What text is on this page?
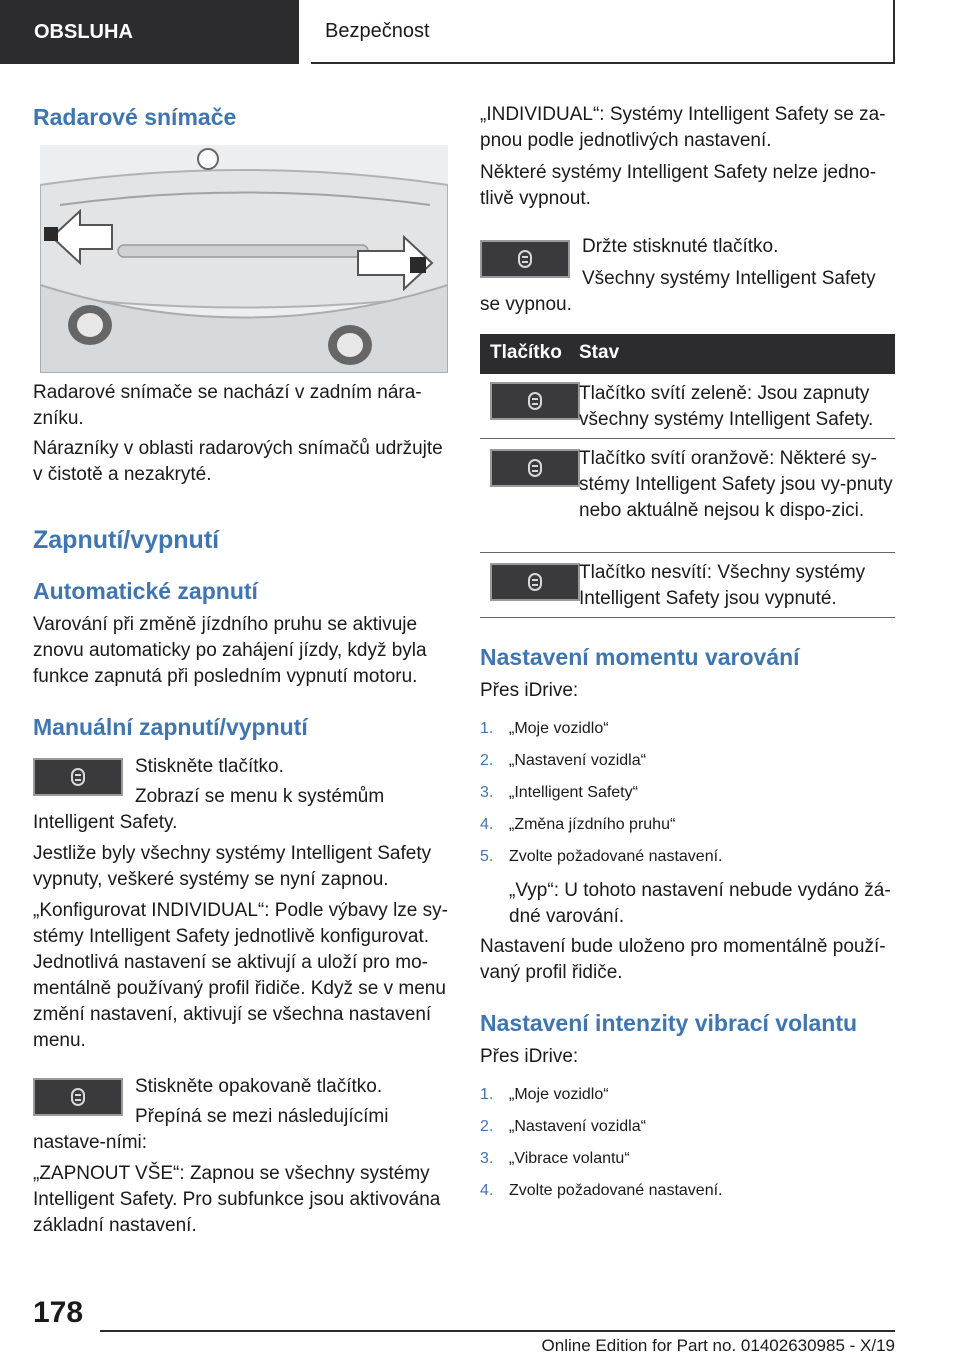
OBSLUHA	Bezpečnost
Radarové snímače

Radarové snímače se nachází v zadním nára-zníku.

Nárazníky v oblasti radarových snímačů udržujte v čistotě a nezakryté.

Zapnutí/vypnutí
Automatické zapnutí

Varování při změně jízdního pruhu se aktivuje znovu automaticky po zahájení jízdy, když byla funkce zapnutá při posledním vypnutí motoru.

Manuální zapnutí/vypnutí

Stiskněte tlačítko.

Zobrazí se menu k systémům Intelligent Safety.

Jestliže byly všechny systémy Intelligent Safety vypnuty, veškeré systémy se nyní zapnou.

„Konfigurovat INDIVIDUAL“: Podle výbavy lze sy-stémy Intelligent Safety jednotlivě konfigurovat. Jednotlivá nastavení se aktivují a uloží pro mo-mentálně používaný profil řidiče. Když se v menu změní nastavení, aktivují se všechna nastavení menu.

Stiskněte opakovaně tlačítko.

Přepíná se mezi následujícími nastave-ními:

„ZAPNOUT VŠE“: Zapnou se všechny systémy Intelligent Safety. Pro subfunkce jsou aktivována základní nastavení.

„INDIVIDUAL“: Systémy Intelligent Safety se za-pnou podle jednotlivých nastavení.

Některé systémy Intelligent Safety nelze jedno-tlivě vypnout.

Držte stisknuté tlačítko.

Všechny systémy Intelligent Safety se vypnou.

Tlačítko Stav

Tlačítko svítí zeleně: Jsou zapnuty všechny systémy Intelligent Safety.

Tlačítko svítí oranžově: Některé sy-stémy Intelligent Safety jsou vy-pnuty nebo aktuálně nejsou k dispo-zici.

Tlačítko nesvítí: Všechny systémy Intelligent Safety jsou vypnuté.

Nastavení momentu varování

Přes iDrive:

1. „Moje vozidlo“
2. „Nastavení vozidla“
3. „Intelligent Safety“
4. „Změna jízdního pruhu“
5. Zvolte požadované nastavení.

„Vyp“: U tohoto nastavení nebude vydáno žá-dné varování.

Nastavení bude uloženo pro momentálně použí-vaný profil řidiče.

Nastavení intenzity vibrací volantu

Přes iDrive:

1. „Moje vozidlo“
2. „Nastavení vozidla“
3. „Vibrace volantu“
4. Zvolte požadované nastavení.
178
Online Edition for Part no. 01402630985 - X/19
